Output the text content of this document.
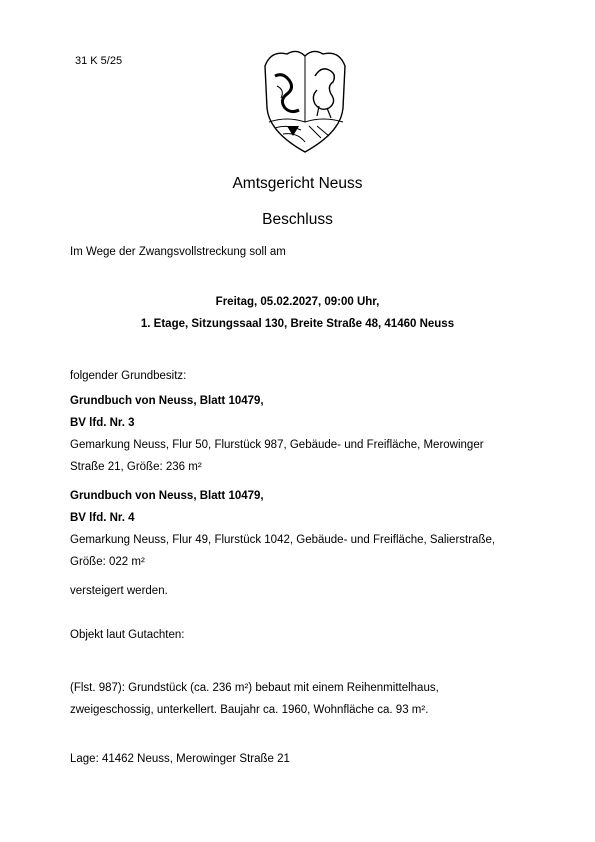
31 K 5/25
Amtsgericht Neuss
Beschluss
Im Wege der Zwangsvollstreckung soll am
Freitag, 05.02.2027, 09:00 Uhr,
1. Etage, Sitzungssaal 130, Breite Straße 48, 41460 Neuss
folgender Grundbesitz:
Grundbuch von Neuss, Blatt 10479,
BV lfd. Nr. 3
Gemarkung Neuss, Flur 50, Flurstück 987, Gebäude- und Freifläche, Merowinger
Straße 21, Größe: 236 m²
Grundbuch von Neuss, Blatt 10479,
BV lfd. Nr. 4
Gemarkung Neuss, Flur 49, Flurstück 1042, Gebäude- und Freifläche, Salierstraße,
Größe: 022 m²
versteigert werden.
Objekt laut Gutachten:
(Flst. 987): Grundstück (ca. 236 m²) bebaut mit einem Reihenmittelhaus,
zweigeschossig, unterkellert. Baujahr ca. 1960, Wohnfläche ca. 93 m².
Lage: 41462 Neuss, Merowinger Straße 21
